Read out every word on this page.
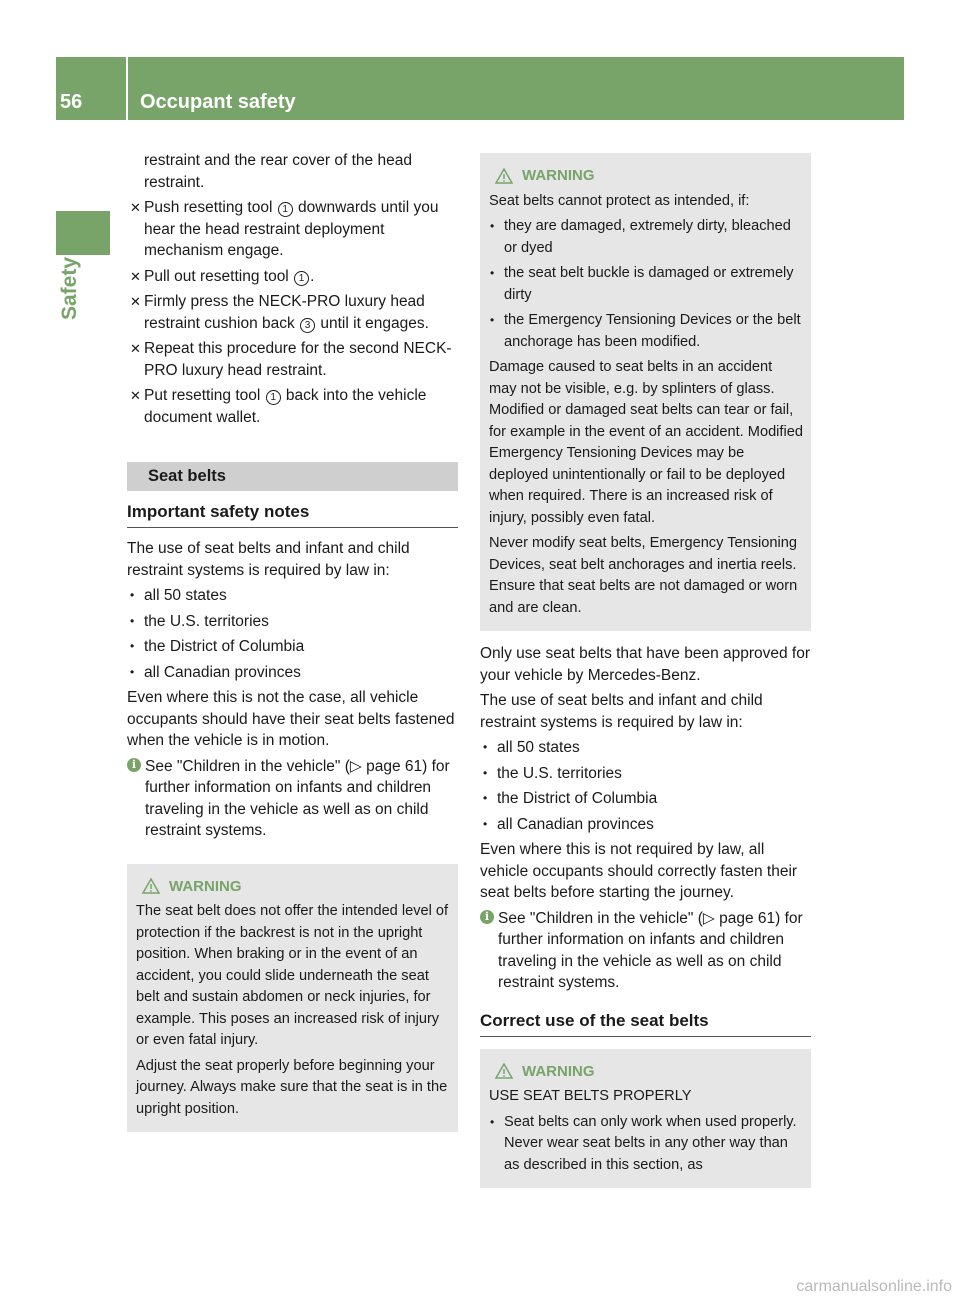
56	Occupant safety
Safety
restraint and the rear cover of the head restraint.
✕ Push resetting tool 1 downwards until you hear the head restraint deployment mechanism engage.
✕ Pull out resetting tool 1 .
✕ Firmly press the NECK-PRO luxury head restraint cushion back 3 until it engages.
✕ Repeat this procedure for the second NECK-PRO luxury head restraint.
✕ Put resetting tool 1 back into the vehicle document wallet.
Seat belts
Important safety notes

The use of seat belts and infant and child restraint systems is required by law in:

• all 50 states
• the U.S. territories
• the District of Columbia
• all Canadian provinces

Even where this is not the case, all vehicle occupants should have their seat belts fastened when the vehicle is in motion.

i See "Children in the vehicle" (▷ page 61) for further information on infants and children traveling in the vehicle as well as on child restraint systems.
WARNING

The seat belt does not offer the intended level of protection if the backrest is not in the upright position. When braking or in the event of an accident, you could slide underneath the seat belt and sustain abdomen or neck injuries, for example. This poses an increased risk of injury or even fatal injury.

Adjust the seat properly before beginning your journey. Always make sure that the seat is in the upright position.

WARNING

Seat belts cannot protect as intended, if:

• they are damaged, extremely dirty, bleached or dyed
• the seat belt buckle is damaged or extremely dirty
• the Emergency Tensioning Devices or the belt anchorage has been modified.

Damage caused to seat belts in an accident may not be visible, e.g. by splinters of glass. Modified or damaged seat belts can tear or fail, for example in the event of an accident. Modified Emergency Tensioning Devices may be deployed unintentionally or fail to be deployed when required. There is an increased risk of injury, possibly even fatal.

Never modify seat belts, Emergency Tensioning Devices, seat belt anchorages and inertia reels. Ensure that seat belts are not damaged or worn and are clean.

Only use seat belts that have been approved for your vehicle by Mercedes-Benz.

The use of seat belts and infant and child restraint systems is required by law in:

• all 50 states
• the U.S. territories
• the District of Columbia
• all Canadian provinces

Even where this is not required by law, all vehicle occupants should correctly fasten their seat belts before starting the journey.

i See "Children in the vehicle" (▷ page 61) for further information on infants and children traveling in the vehicle as well as on child restraint systems.
Correct use of the seat belts
WARNING

USE SEAT BELTS PROPERLY

• Seat belts can only work when used properly. Never wear seat belts in any other way than as described in this section, as
carmanualsonline.info
